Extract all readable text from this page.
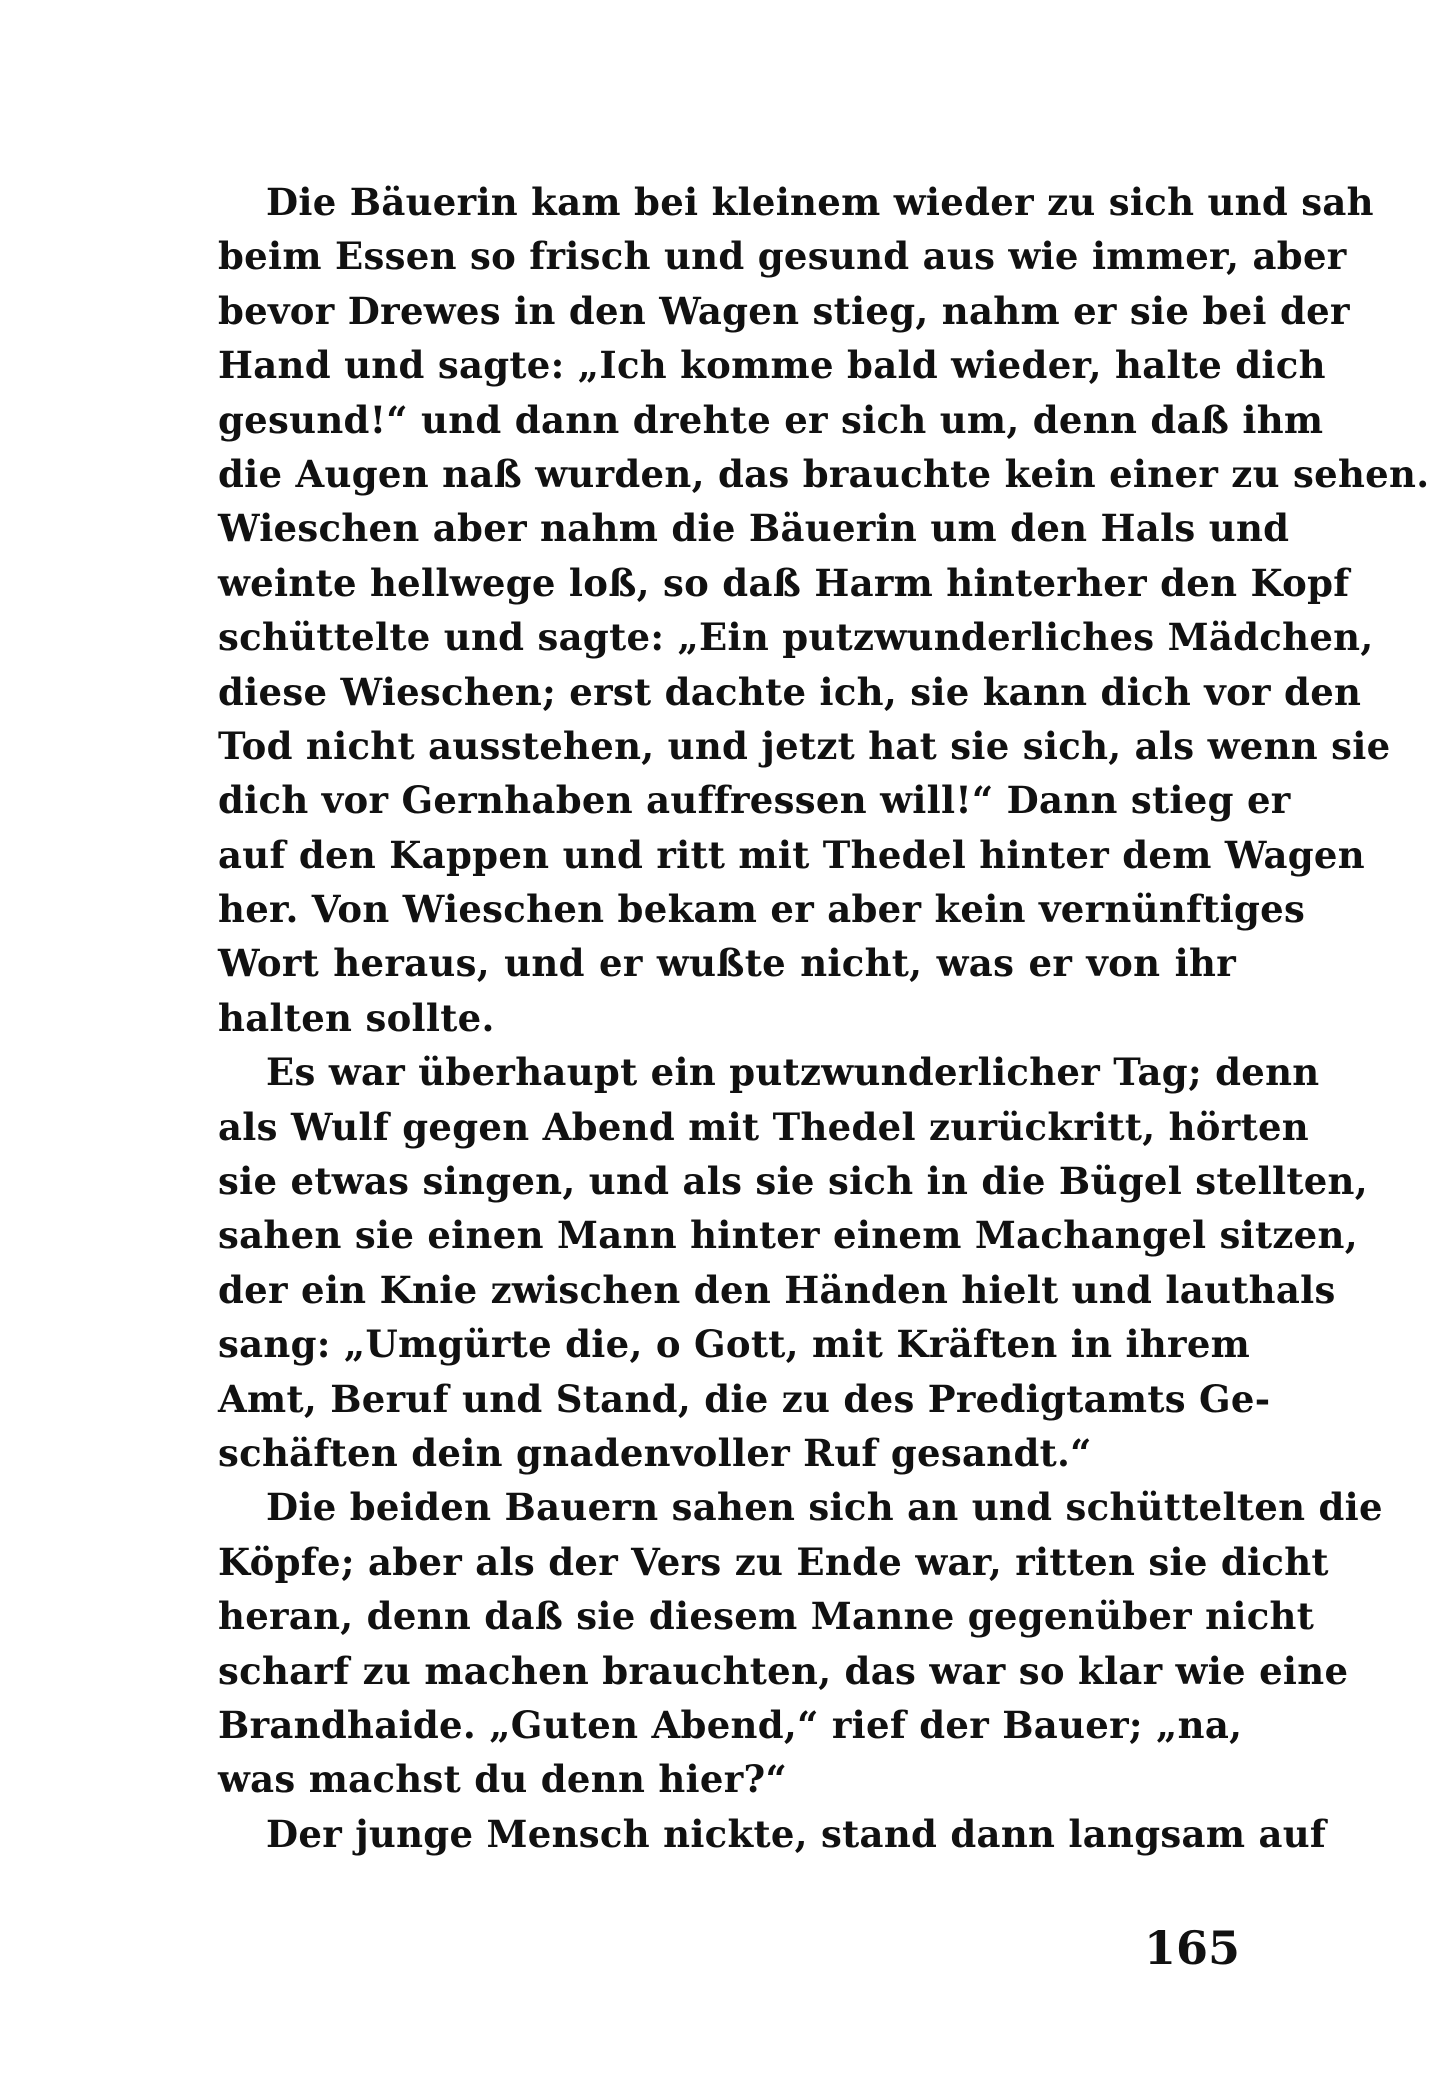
Die Bäuerin kam bei kleinem wieder zu sich und sah
beim Essen so frisch und gesund aus wie immer, aber
bevor Drewes in den Wagen stieg, nahm er sie bei der
Hand und sagte: „Ich komme bald wieder, halte dich
gesund!“ und dann drehte er sich um, denn daß ihm
die Augen naß wurden, das brauchte kein einer zu sehen.
Wieschen aber nahm die Bäuerin um den Hals und
weinte hellwege loß, so daß Harm hinterher den Kopf
schüttelte und sagte: „Ein putzwunderliches Mädchen,
diese Wieschen; erst dachte ich, sie kann dich vor den
Tod nicht ausstehen, und jetzt hat sie sich, als wenn sie
dich vor Gernhaben auffressen will!“ Dann stieg er
auf den Kappen und ritt mit Thedel hinter dem Wagen
her. Von Wieschen bekam er aber kein vernünftiges
Wort heraus, und er wußte nicht, was er von ihr
halten sollte.
Es war überhaupt ein putzwunderlicher Tag; denn
als Wulf gegen Abend mit Thedel zurückritt, hörten
sie etwas singen, und als sie sich in die Bügel stellten,
sahen sie einen Mann hinter einem Machangel sitzen,
der ein Knie zwischen den Händen hielt und lauthals
sang: „Umgürte die, o Gott, mit Kräften in ihrem
Amt, Beruf und Stand, die zu des Predigtamts Ge-
schäften dein gnadenvoller Ruf gesandt.“
Die beiden Bauern sahen sich an und schüttelten die
Köpfe; aber als der Vers zu Ende war, ritten sie dicht
heran, denn daß sie diesem Manne gegenüber nicht
scharf zu machen brauchten, das war so klar wie eine
Brandhaide. „Guten Abend,“ rief der Bauer; „na,
was machst du denn hier?“
Der junge Mensch nickte, stand dann langsam auf
165
